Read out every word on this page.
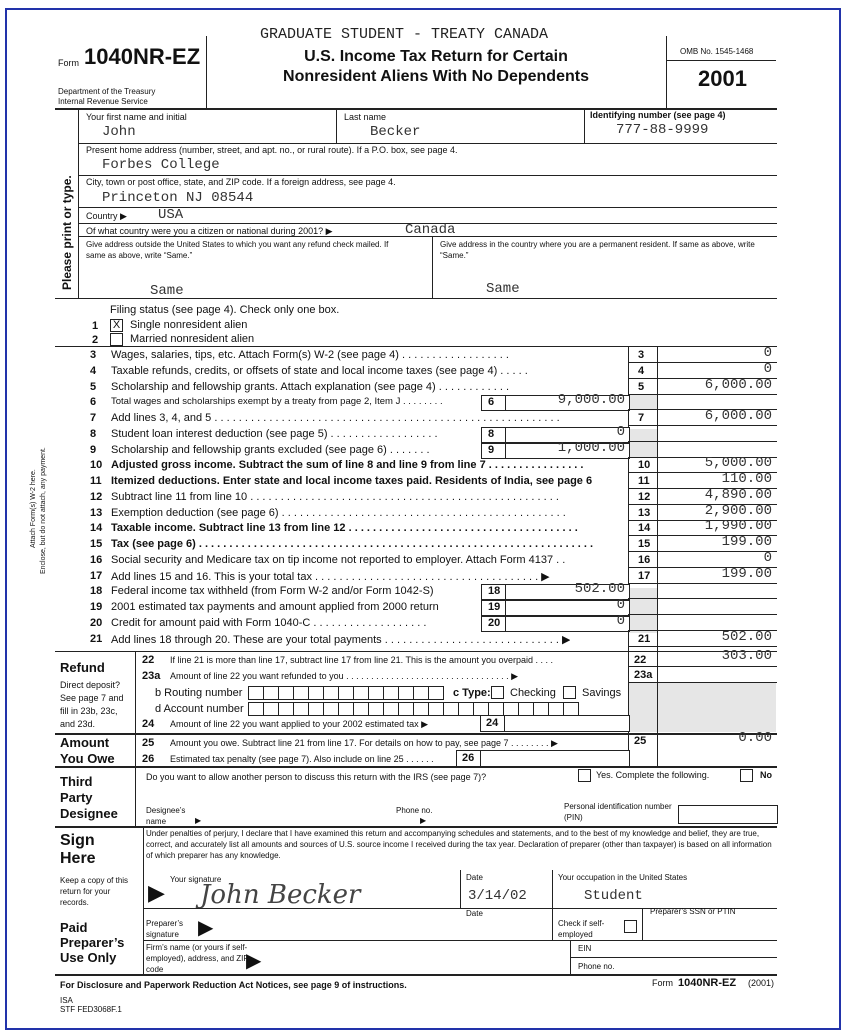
Form 1040NR-EZ
Department of the Treasury
Internal Revenue Service
GRADUATE STUDENT - TREATY CANADA
U.S. Income Tax Return for Certain
Nonresident Aliens With No Dependents
OMB No. 1545-1468
2001
Please print or type.
Your first name and initial
John
Last name
Becker
Identifying number (see page 4)
777-88-9999
Present home address (number, street, and apt. no., or rural route). If a P.O. box, see page 4.
Forbes College
City, town or post office, state, and ZIP code. If a foreign address, see page 4.
Princeton NJ 08544
Country ▶ USA
Of what country were you a citizen or national during 2001? ▶	Canada
Give address outside the United States to which you want any refund check mailed. If same as above, write “Same.”
Same
Give address in the country where you are a permanent resident. If same as above, write “Same.”
Same
Filing status (see page 4). Check only one box.
1 X Single nonresident alien
2	Married nonresident alien
Attach Form(s) W-2 here. Enclose, but do not attach, any payment.
3 Wages, salaries, tips, etc. Attach Form(s) W-2 (see page 4) . . . . . . . . . . . . . . . . . .	3	0
4 Taxable refunds, credits, or offsets of state and local income taxes (see page 4) . . . . .	4	0
5 Scholarship and fellowship grants. Attach explanation (see page 4) . . . . . . . . . . . .	5	6,000.00
6 Total wages and scholarships exempt by a treaty from page 2, Item J . . . . . . . .	6	9,000.00
7 Add lines 3, 4, and 5 . . . . . . . . . . . . . . . . . . . . . . . . . . . . . . . . . . . . . . . . . . . . . . . . . . . . . . . . .	7	6,000.00
8 Student loan interest deduction (see page 5) . . . . . . . . . . . . . . . . . .	8	0
9 Scholarship and fellowship grants excluded (see page 6) . . . . . . .	9	1,000.00
10 Adjusted gross income. Subtract the sum of line 8 and line 9 from line 7 . . . . . . . . . . . . . . . .	10	5,000.00
11 Itemized deductions. Enter state and local income taxes paid. Residents of India, see page 6	11	110.00
12 Subtract line 11 from line 10 . . . . . . . . . . . . . . . . . . . . . . . . . . . . . . . . . . . . . . . . . . . . . . . . . . .	12	4,890.00
13 Exemption deduction (see page 6) . . . . . . . . . . . . . . . . . . . . . . . . . . . . . . . . . . . . . . . . . . . . . . .	13	2,900.00
14 Taxable income. Subtract line 13 from line 12 . . . . . . . . . . . . . . . . . . . . . . . . . . . . . . . . . . . . . .	14	1,990.00
15 Tax (see page 6) . . . . . . . . . . . . . . . . . . . . . . . . . . . . . . . . . . . . . . . . . . . . . . . . . . . . . . . . . . . . . . . . .	15	199.00
16 Social security and Medicare tax on tip income not reported to employer. Attach Form 4137 . .	16	0
17 Add lines 15 and 16. This is your total tax . . . . . . . . . . . . . . . . . . . . . . . . . . . . . . . . . . . . . ▶	17	199.00
18 Federal income tax withheld (from Form W-2 and/or Form 1042-S)	18	502.00
19 2001 estimated tax payments and amount applied from 2000 return	19	0
20 Credit for amount paid with Form 1040-C . . . . . . . . . . . . . . . . . . .	20	0
21 Add lines 18 through 20. These are your total payments . . . . . . . . . . . . . . . . . . . . . . . . . . . . . ▶	21	502.00
Refund
Direct deposit?
See page 7 and
fill in 23b, 23c,
and 23d.
22 If line 21 is more than line 17, subtract line 17 from line 21. This is the amount you overpaid . . . .	22	303.00
23a Amount of line 22 you want refunded to you . . . . . . . . . . . . . . . . . . . . . . . . . . . . . . . . . ▶	23a
b Routing number	c Type: Checking Savings
d Account number
24 Amount of line 22 you want applied to your 2002 estimated tax ▶	24
Amount
You Owe
25 Amount you owe. Subtract line 21 from line 17. For details on how to pay, see page 7 . . . . . . . . ▶	25	0.00
26 Estimated tax penalty (see page 7). Also include on line 25 . . . . . .	26
Third
Party
Designee
Do you want to allow another person to discuss this return with the IRS (see page 7)?	Yes. Complete the following.	No
Designee’s name	▶
Phone no.
▶
Personal identification number (PIN)
Sign
Here
Keep a copy of this return for your records.
Under penalties of perjury, I declare that I have examined this return and accompanying schedules and statements, and to the best of my knowledge and belief, they are true, correct, and accurately list all amounts and sources of U.S. source income I received during the tax year. Declaration of preparer (other than taxpayer) is based on all information of which preparer has any knowledge.
▶
Your signature
John Becker
Date
3/14/02
Your occupation in the United States
Student
Paid
Preparer’s
Use Only
Preparer’s signature ▶
Date
Check if self-employed
Preparer’s SSN or PTIN
Firm’s name (or yours if self-employed), address, and ZIP code	▶
EIN
Phone no.
For Disclosure and Paperwork Reduction Act Notices, see page 9 of instructions.
ISA
STF FED3068F.1
Form 1040NR-EZ (2001)
